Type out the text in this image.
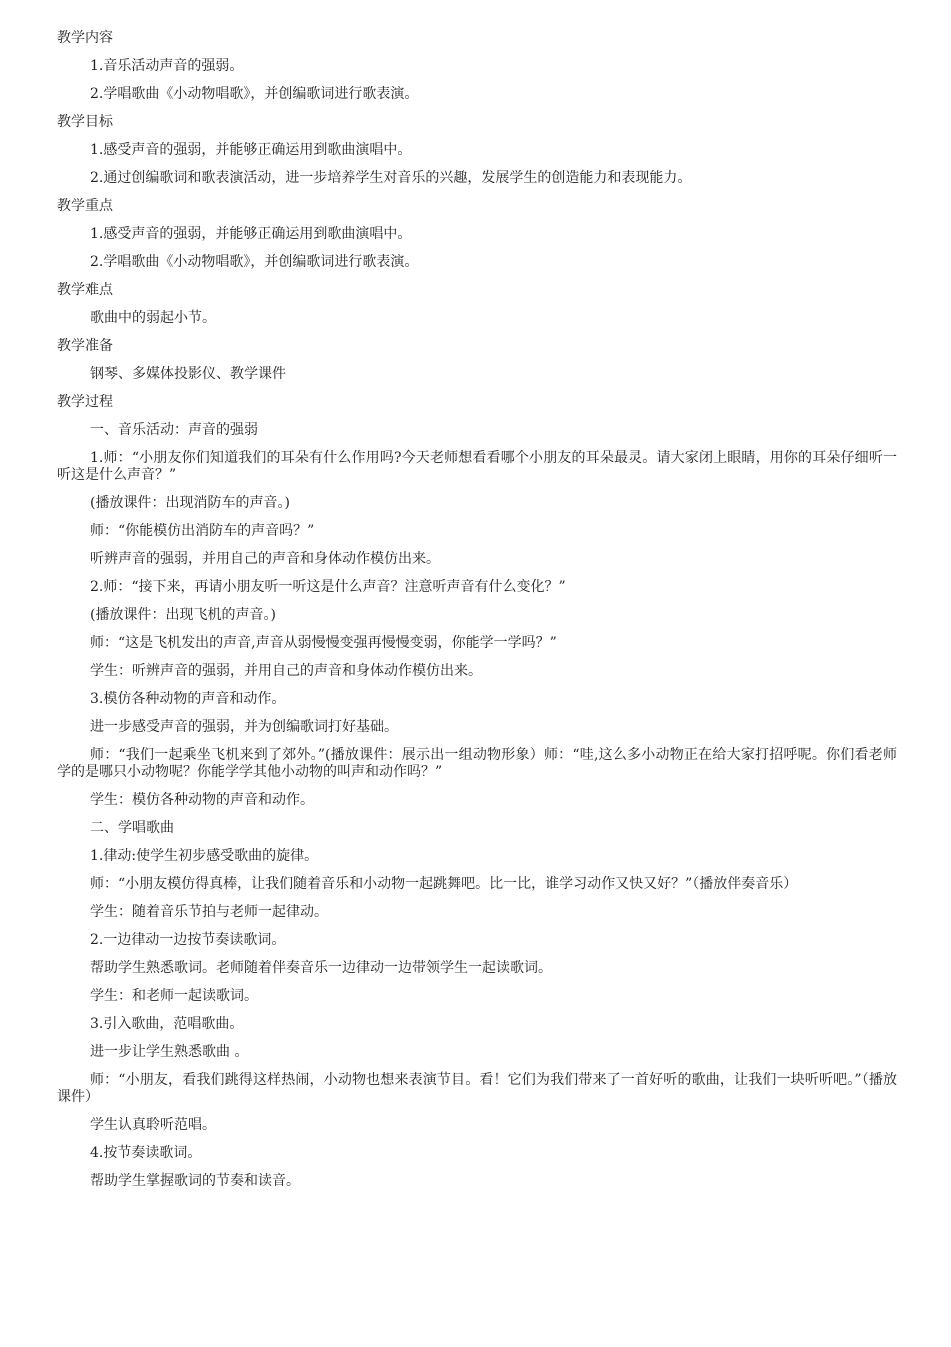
教学内容

1.音乐活动声音的强弱。

2.学唱歌曲《小动物唱歌》，并创编歌词进行歌表演。

教学目标

1.感受声音的强弱，并能够正确运用到歌曲演唱中。

2.通过创编歌词和歌表演活动，进一步培养学生对音乐的兴趣，发展学生的创造能力和表现能力。

教学重点

1.感受声音的强弱，并能够正确运用到歌曲演唱中。

2.学唱歌曲《小动物唱歌》，并创编歌词进行歌表演。

教学难点

歌曲中的弱起小节。

教学准备

钢琴、多媒体投影仪、教学课件

教学过程

一、音乐活动：声音的强弱

1.师：“小朋友你们知道我们的耳朵有什么作用吗?今天老师想看看哪个小朋友的耳朵最灵。请大家闭上眼睛，用你的耳朵仔细听一听这是什么声音？”

(播放课件：出现消防车的声音。)

师：“你能模仿出消防车的声音吗？”

听辨声音的强弱，并用自己的声音和身体动作模仿出来。

2.师：“接下来，再请小朋友听一听这是什么声音？注意听声音有什么变化？”

(播放课件：出现飞机的声音。)

师：“这是飞机发出的声音,声音从弱慢慢变强再慢慢变弱，你能学一学吗？”

学生：听辨声音的强弱，并用自己的声音和身体动作模仿出来。

3.模仿各种动物的声音和动作。

进一步感受声音的强弱，并为创编歌词打好基础。

师：“我们一起乘坐飞机来到了郊外。”(播放课件：展示出一组动物形象）师：“哇,这么多小动物正在给大家打招呼呢。你们看老师学的是哪只小动物呢？你能学学其他小动物的叫声和动作吗？”

学生：模仿各种动物的声音和动作。

二、学唱歌曲

1.律动:使学生初步感受歌曲的旋律。

师：“小朋友模仿得真棒，让我们随着音乐和小动物一起跳舞吧。比一比，谁学习动作又快又好？”（播放伴奏音乐）

学生：随着音乐节拍与老师一起律动。

2.一边律动一边按节奏读歌词。

帮助学生熟悉歌词。老师随着伴奏音乐一边律动一边带领学生一起读歌词。

学生：和老师一起读歌词。

3.引入歌曲，范唱歌曲。

进一步让学生熟悉歌曲 。

师：“小朋友，看我们跳得这样热闹，小动物也想来表演节目。看！它们为我们带来了一首好听的歌曲，让我们一块听听吧。”（播放课件）

学生认真聆听范唱。

4.按节奏读歌词。

帮助学生掌握歌词的节奏和读音。
